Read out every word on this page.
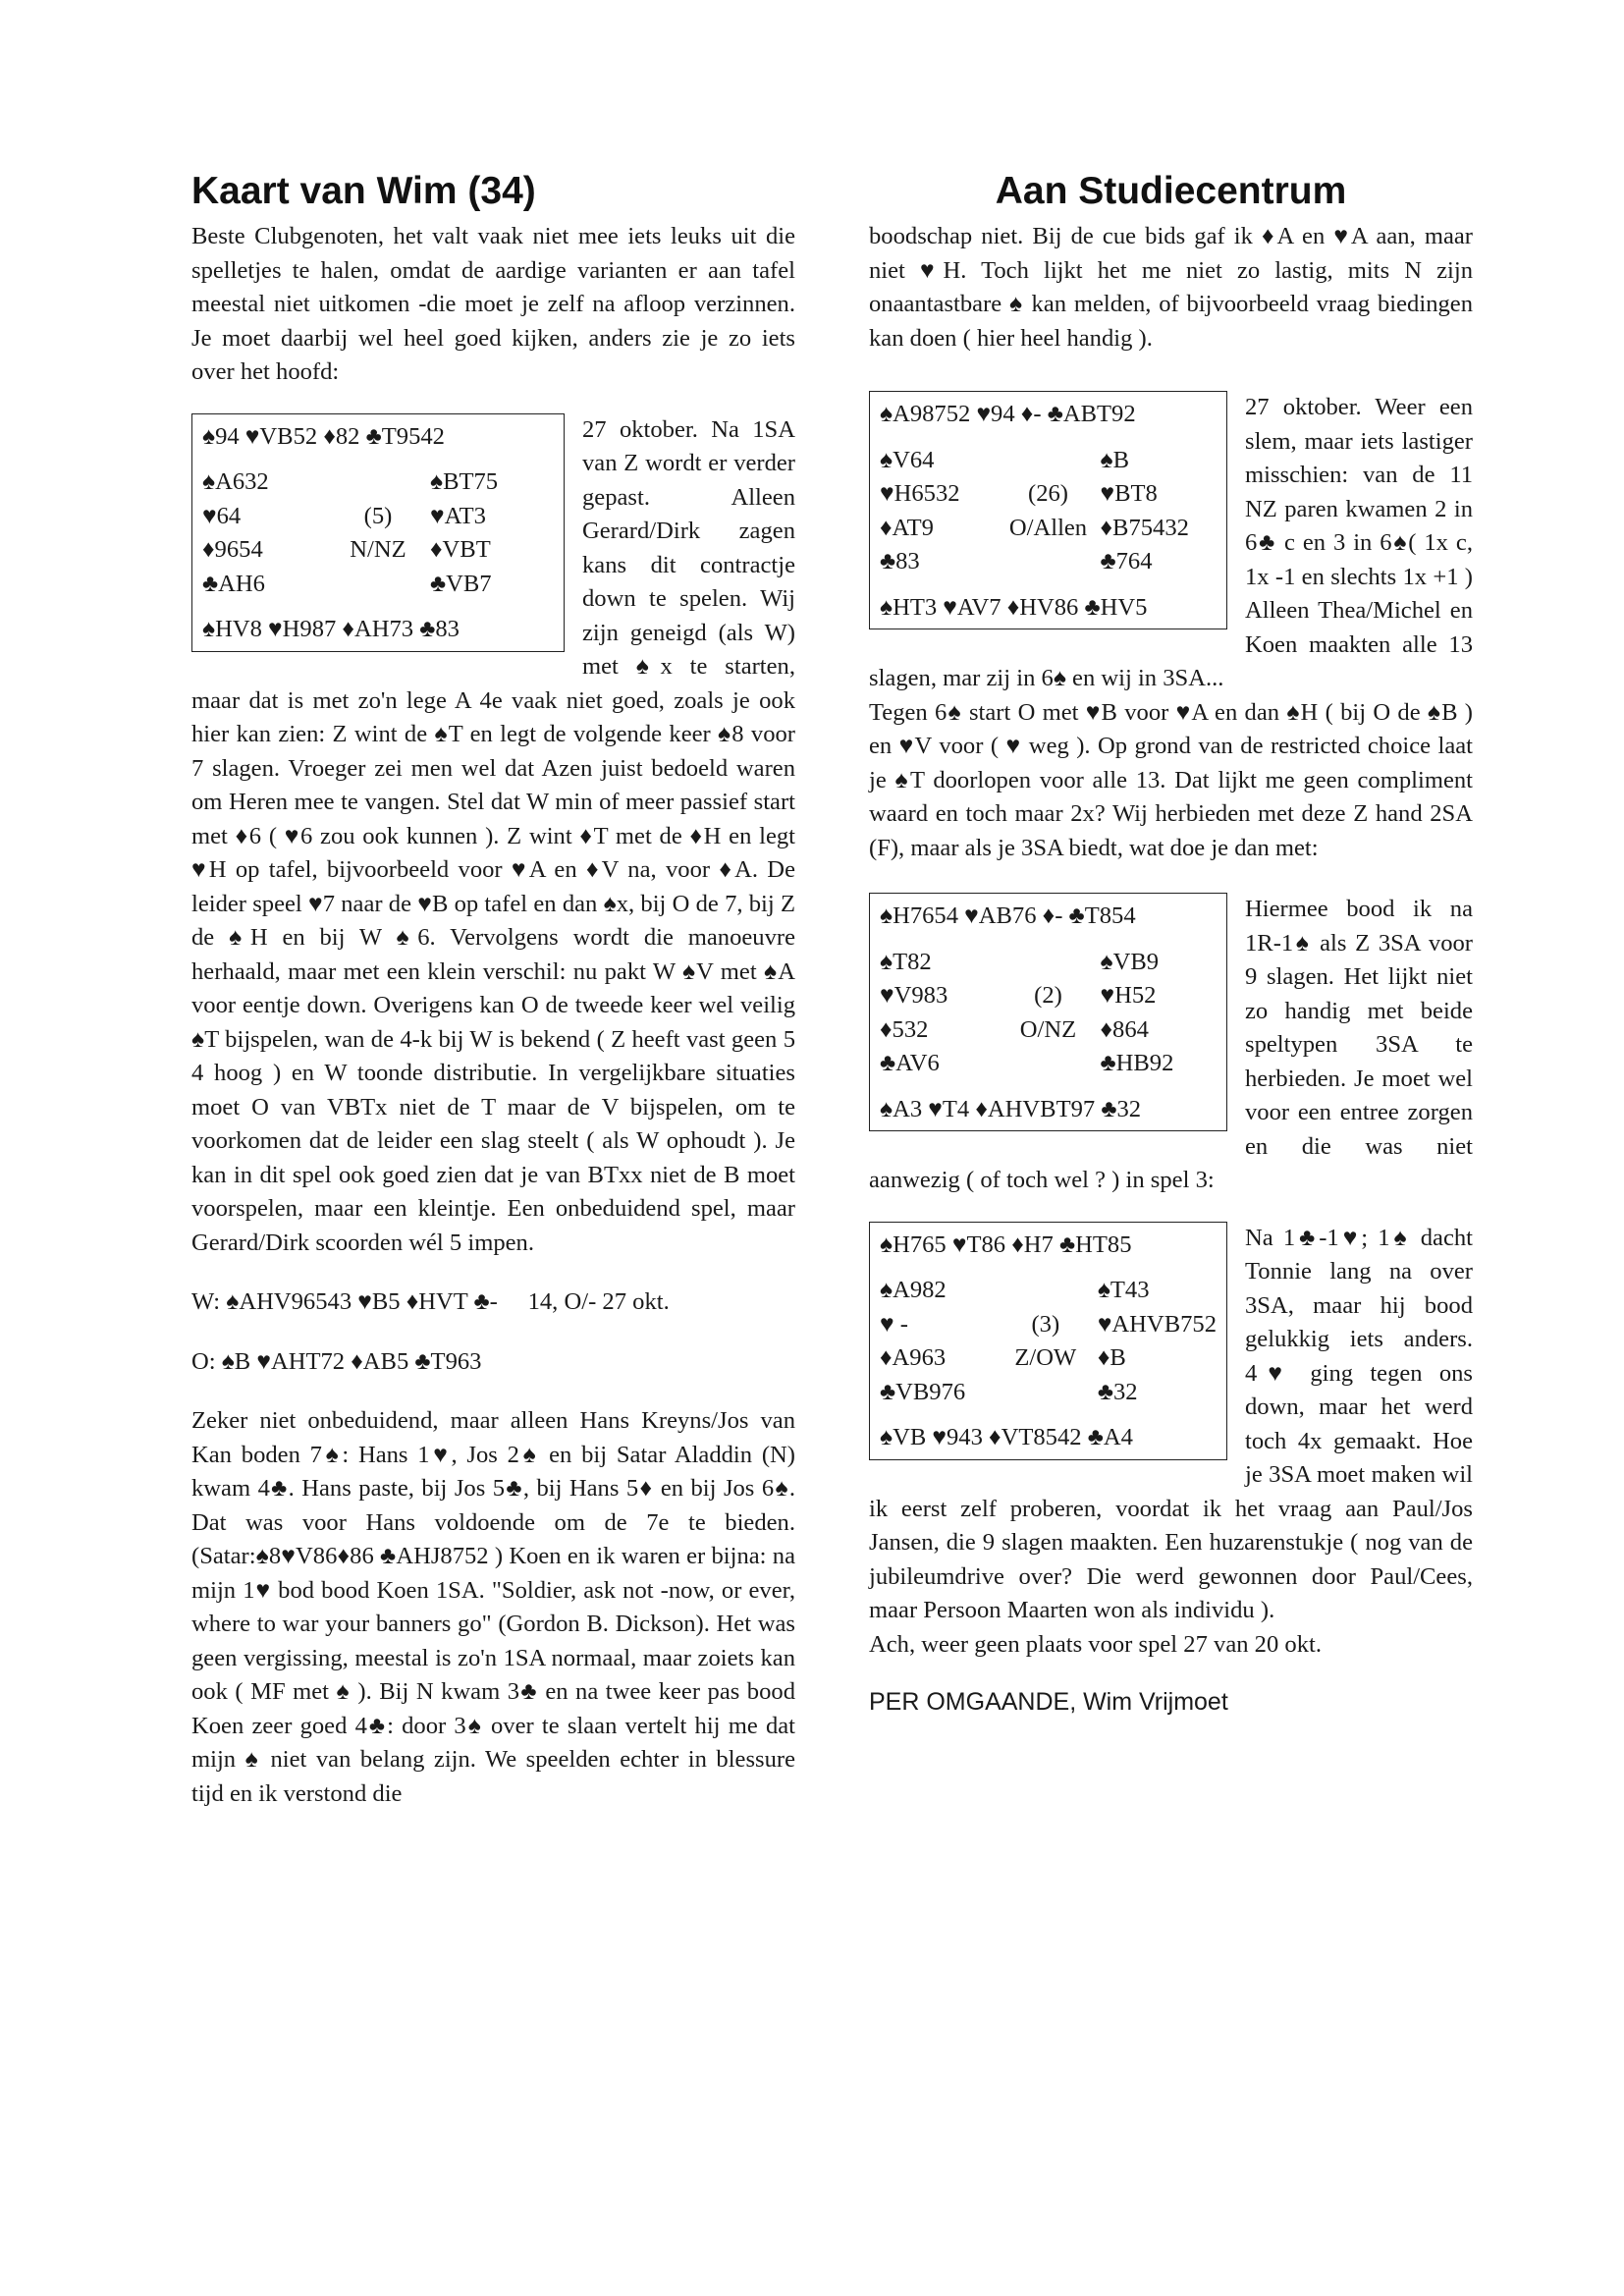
Kaart van Wim (34)

Beste Clubgenoten, het valt vaak niet mee iets leuks uit die spelletjes te halen, omdat de aardige varianten er aan tafel meestal niet uitkomen -die moet je zelf na afloop verzinnen. Je moet daarbij wel heel goed kijken, anders zie je zo iets over het hoofd:

♠94 ♥VB52 ♦82 ♣T9542
♠A632	♠BT75
♥64	(5)	♥AT3
♦9654	N/NZ ♦VBT
♣AH6	♣VB7
♠HV8 ♥H987 ♦AH73 ♣83

27 oktober. Na 1SA van Z wordt er verder gepast. Alleen Gerard/Dirk zagen kans dit contractje down te spelen. Wij zijn geneigd (als W) met ♠x te starten, maar dat is met zo'n lege A 4e vaak niet goed, zoals je ook hier kan zien: Z wint de ♠T en legt de volgende keer ♠8 voor 7 slagen. Vroeger zei men wel dat Azen juist bedoeld waren om Heren mee te vangen. Stel dat W min of meer passief start met ♦6 ( ♥6 zou ook kunnen ). Z wint ♦T met de ♦H en legt ♥H op tafel, bijvoorbeeld voor ♥A en ♦V na, voor ♦A. De leider speel ♥7 naar de ♥B op tafel en dan ♠x, bij O de 7, bij Z de ♠H en bij W ♠6. Vervolgens wordt die manoeuvre herhaald, maar met een klein verschil: nu pakt W ♠V met ♠A voor eentje down. Overigens kan O de tweede keer wel veilig ♠T bijspelen, wan de 4-k bij W is bekend ( Z heeft vast geen 5 4 hoog ) en W toonde distributie. In vergelijkbare situaties moet O van VBTx niet de T maar de V bijspelen, om te voorkomen dat de leider een slag steelt ( als W ophoudt ). Je kan in dit spel ook goed zien dat je van BTxx niet de B moet voorspelen, maar een kleintje. Een onbeduidend spel, maar Gerard/Dirk scoorden wél 5 impen.

W: ♠AHV96543 ♥B5 ♦HVT ♣-     14, O/- 27 okt.
O: ♠B ♥AHT72 ♦AB5 ♣T963

Zeker niet onbeduidend, maar alleen Hans Kreyns/Jos van Kan boden 7♠: Hans 1♥, Jos 2♠ en bij Satar Aladdin (N) kwam 4♣. Hans paste, bij Jos 5♣, bij Hans 5♦ en bij Jos 6♠. Dat was voor Hans voldoende om de 7e te bieden. (Satar:♠8♥V86♦86 ♣AHJ8752 ) Koen en ik waren er bijna: na mijn 1♥ bod bood Koen 1SA. "Soldier, ask not -now, or ever, where to war your banners go" (Gordon B. Dickson). Het was geen vergissing, meestal is zo'n 1SA normaal, maar zoiets kan ook ( MF met ♠ ). Bij N kwam 3♣ en na twee keer pas bood Koen zeer goed 4♣: door 3♠ over te slaan vertelt hij me dat mijn ♠ niet van belang zijn. We speelden echter in blessure tijd en ik verstond die

Aan Studiecentrum

boodschap niet. Bij de cue bids gaf ik ♦A en ♥A aan, maar niet ♥H. Toch lijkt het me niet zo lastig, mits N zijn onaantastbare ♠ kan melden, of bijvoorbeeld vraag biedingen kan doen ( hier heel handig ).

♠A98752 ♥94 ♦- ♣ABT92
♠V64	♠B
♥H6532	(26)	♥BT8
♦AT9	O/Allen ♦B75432
♣83	♣764
♠HT3 ♥AV7 ♦HV86 ♣HV5

27 oktober. Weer een slem, maar iets lastiger misschien: van de 11 NZ paren kwamen 2 in 6♣ c en 3 in 6♠( 1x c, 1x -1 en slechts 1x +1 ) Alleen Thea/Michel en Koen maakten alle 13 slagen, mar zij in 6♠ en wij in 3SA...

Tegen 6♠ start O met ♥B voor ♥A en dan ♠H ( bij O de ♠B ) en ♥V voor ( ♥ weg ). Op grond van de restricted choice laat je ♠T doorlopen voor alle 13. Dat lijkt me geen compliment waard en toch maar 2x? Wij herbieden met deze Z hand 2SA (F), maar als je 3SA biedt, wat doe je dan met:

♠H7654 ♥AB76 ♦- ♣T854
♠T82	♠VB9
♥V983	(2)	♥H52
♦532	O/NZ ♦864
♣AV6	♣HB92
♠A3 ♥T4 ♦AHVBT97 ♣32

Hiermee bood ik na 1R-1♠ als Z 3SA voor 9 slagen. Het lijkt niet zo handig met beide speltypen 3SA te herbieden. Je moet wel voor een entree zorgen en die was niet aanwezig ( of toch wel ? ) in spel 3:

♠H765 ♥T86 ♦H7 ♣HT85
♠A982	♠T43
♥ -	(3)	♥AHVB752
♦A963	Z/OW ♦B
♣VB976	♣32
♠VB ♥943 ♦VT8542 ♣A4

Na 1♣-1♥; 1♠ dacht Tonnie lang na over 3SA, maar hij bood gelukkig iets anders. 4♥ ging tegen ons down, maar het werd toch 4x gemaakt. Hoe je 3SA moet maken wil ik eerst zelf proberen, voordat ik het vraag aan Paul/Jos Jansen, die 9 slagen maakten. Een huzarenstukje ( nog van de jubileumdrive over? Die werd gewonnen door Paul/Cees, maar Persoon Maarten won als individu ).

Ach, weer geen plaats voor spel 27 van 20 okt.

PER OMGAANDE, Wim Vrijmoet
